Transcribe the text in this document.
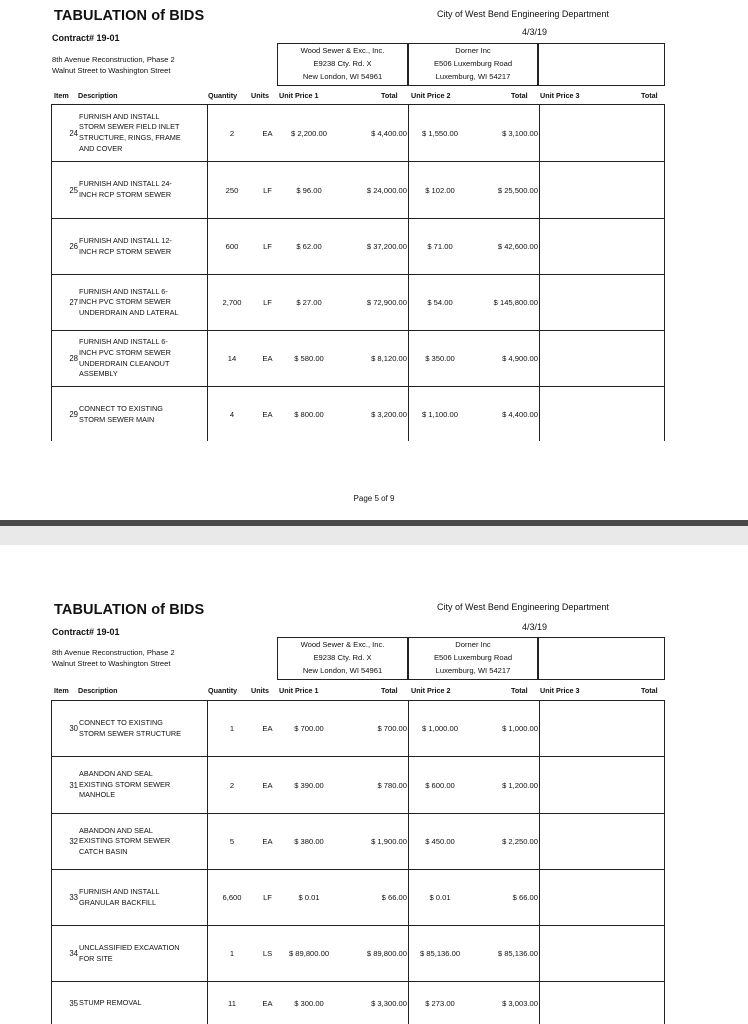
TABULATION of BIDS
Contract# 19-01
8th Avenue Reconstruction, Phase 2
Walnut Street to Washington Street
City of West Bend Engineering Department
4/3/19
Wood Sewer & Exc., Inc.
E9238 Cty. Rd. X
New London, WI 54961
Dorner Inc
E506 Luxemburg Road
Luxemburg, WI 54217
Item Description	Quantity Units Unit Price 1	Total Unit Price 2	Total Unit Price 3	Total
24
FURNISH AND INSTALL
STORM SEWER FIELD INLET
STRUCTURE, RINGS, FRAME
AND COVER
2	EA	$ 2,200.00	$ 4,400.00	$ 1,550.00	$ 3,100.00
25
FURNISH AND INSTALL 24-
INCH RCP STORM SEWER	250	LF	$ 96.00	$ 24,000.00	$ 102.00	$ 25,500.00
26
FURNISH AND INSTALL 12-
INCH RCP STORM SEWER	600	LF	$ 62.00	$ 37,200.00	$ 71.00	$ 42,600.00
27
FURNISH AND INSTALL 6-
INCH PVC STORM SEWER
UNDERDRAIN AND LATERAL
2,700	LF	$ 27.00	$ 72,900.00	$ 54.00	$ 145,800.00
28
FURNISH AND INSTALL 6-
INCH PVC STORM SEWER
UNDERDRAIN CLEANOUT
ASSEMBLY
14	EA	$ 580.00	$ 8,120.00	$ 350.00	$ 4,900.00
29
CONNECT TO EXISTING
STORM SEWER MAIN	4	EA	$ 800.00	$ 3,200.00	$ 1,100.00	$ 4,400.00
Page 5 of 9
TABULATION of BIDS
Contract# 19-01
8th Avenue Reconstruction, Phase 2
Walnut Street to Washington Street
City of West Bend Engineering Department
4/3/19
Wood Sewer & Exc., Inc.
E9238 Cty. Rd. X
New London, WI 54961
Dorner Inc
E506 Luxemburg Road
Luxemburg, WI 54217
Item Description	Quantity Units Unit Price 1	Total Unit Price 2	Total Unit Price 3	Total
30
CONNECT TO EXISTING
STORM SEWER STRUCTURE	1	EA	$ 700.00	$ 700.00	$ 1,000.00	$ 1,000.00
31
ABANDON AND SEAL
EXISTING STORM SEWER
MANHOLE
2	EA	$ 390.00	$ 780.00	$ 600.00	$ 1,200.00
32
ABANDON AND SEAL
EXISTING STORM SEWER
CATCH BASIN
5	EA	$ 380.00	$ 1,900.00	$ 450.00	$ 2,250.00
33
FURNISH AND INSTALL
GRANULAR BACKFILL	6,600	LF	$ 0.01	$ 66.00	$ 0.01	$ 66.00
34
UNCLASSIFIED EXCAVATION
FOR SITE	1	LS	$ 89,800.00	$ 89,800.00	$ 85,136.00	$ 85,136.00
35 STUMP REMOVAL	11	EA	$ 300.00	$ 3,300.00	$ 273.00	$ 3,003.00
